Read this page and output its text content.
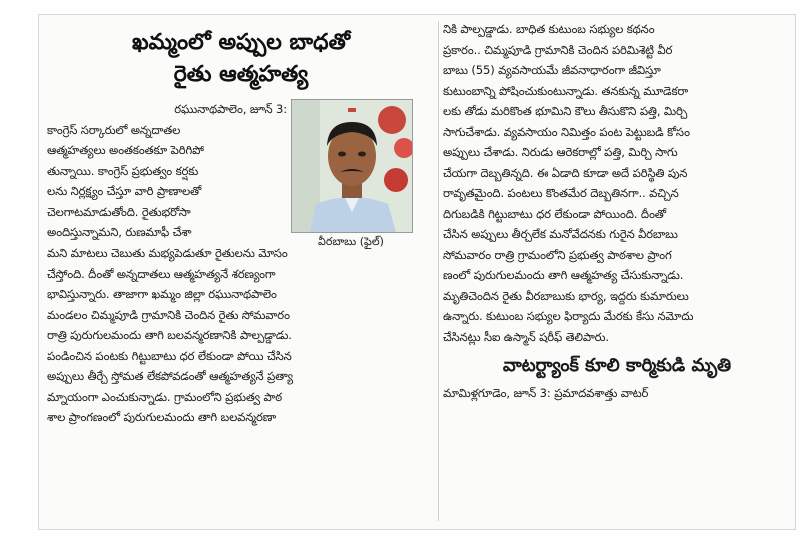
ఖమ్మంలో అప్పుల బాధతో
రైతు ఆత్మహత్య
రఘునాథపాలెం, జూన్ 3:
కాంగ్రెస్ సర్కారులో అన్నదాతల
ఆత్మహత్యలు అంతకంతకూ పెరిగిపో
తున్నాయి. కాంగ్రెస్ ప్రభుత్వం కర్షకు
లను నిర్లక్ష్యం చేస్తూ వారి ప్రాణాలతో
చెలగాటమాడుతోంది. రైతుభరోసా
అందిస్తున్నామని, రుణమాఫీ చేశా
వీరబాబు (ఫైల్)
మని మాటలు చెబుతు మభ్యపెడుతూ రైతులను మోసం
చేస్తోంది. దీంతో అన్నదాతలు ఆత్మహత్యనే శరణ్యంగా
భావిస్తున్నారు. తాజాగా ఖమ్మం జిల్లా రఘునాథపాలెం
మండలం చిమ్మపూడి గ్రామానికి చెందిన రైతు సోమవారం
రాత్రి పురుగులమందు తాగి బలవన్మరణానికి పాల్పడ్డాడు.
పండించిన పంటకు గిట్టుబాటు ధర లేకుండా పోయి చేసిన
అప్పులు తీర్చే స్తోమత లేకపోవడంతో ఆత్మహత్యనే ప్రత్యా
మ్నాయంగా ఎంచుకున్నాడు. గ్రామంలోని ప్రభుత్వ పాఠ
శాల ప్రాంగణంలో పురుగులమందు తాగి బలవన్మరణా
నికి పాల్పడ్డాడు. బాధిత కుటుంబ సభ్యుల కథనం
ప్రకారం.. చిమ్మపూడి గ్రామానికి చెందిన పరిమిశెట్టి వీర
బాబు (55) వ్యవసాయమే జీవనాధారంగా జీవిస్తూ
కుటుంబాన్ని పోషించుకుంటున్నాడు. తనకున్న మూడెకరా
లకు తోడు మరికొంత భూమిని కౌలు తీసుకొని పత్తి, మిర్చి
సాగుచేశాడు. వ్యవసాయం నిమిత్తం పంట పెట్టుబడి కోసం
అప్పులు చేశాడు. నిరుడు ఆరెకరాల్లో పత్తి, మిర్చి సాగు
చేయగా దెబ్బతిన్నది. ఈ ఏడాది కూడా అదే పరిస్థితి పున
రావృతమైంది. పంటలు కొంతమేర దెబ్బతినగా.. వచ్చిన
దిగుబడికి గిట్టుబాటు ధర లేకుండా పోయింది. దీంతో
చేసిన అప్పులు తీర్చలేక మనోవేదనకు గురైన వీరబాబు
సోమవారం రాత్రి గ్రామంలోని ప్రభుత్వ పాఠశాల ప్రాంగ
ణంలో పురుగులమందు తాగి ఆత్మహత్య చేసుకున్నాడు.
మృతిచెందిన రైతు వీరబాబుకు భార్య, ఇద్దరు కుమారులు
ఉన్నారు. కుటుంబ సభ్యుల ఫిర్యాదు మేరకు కేసు నమోదు
చేసినట్లు సీఐ ఉస్మాన్ షరీఫ్ తెలిపారు.
వాటర్ట్యాంక్ కూలి కార్మికుడి మృతి
మామిళ్లగూడెం, జూన్ 3: ప్రమాదవశాత్తు వాటర్
